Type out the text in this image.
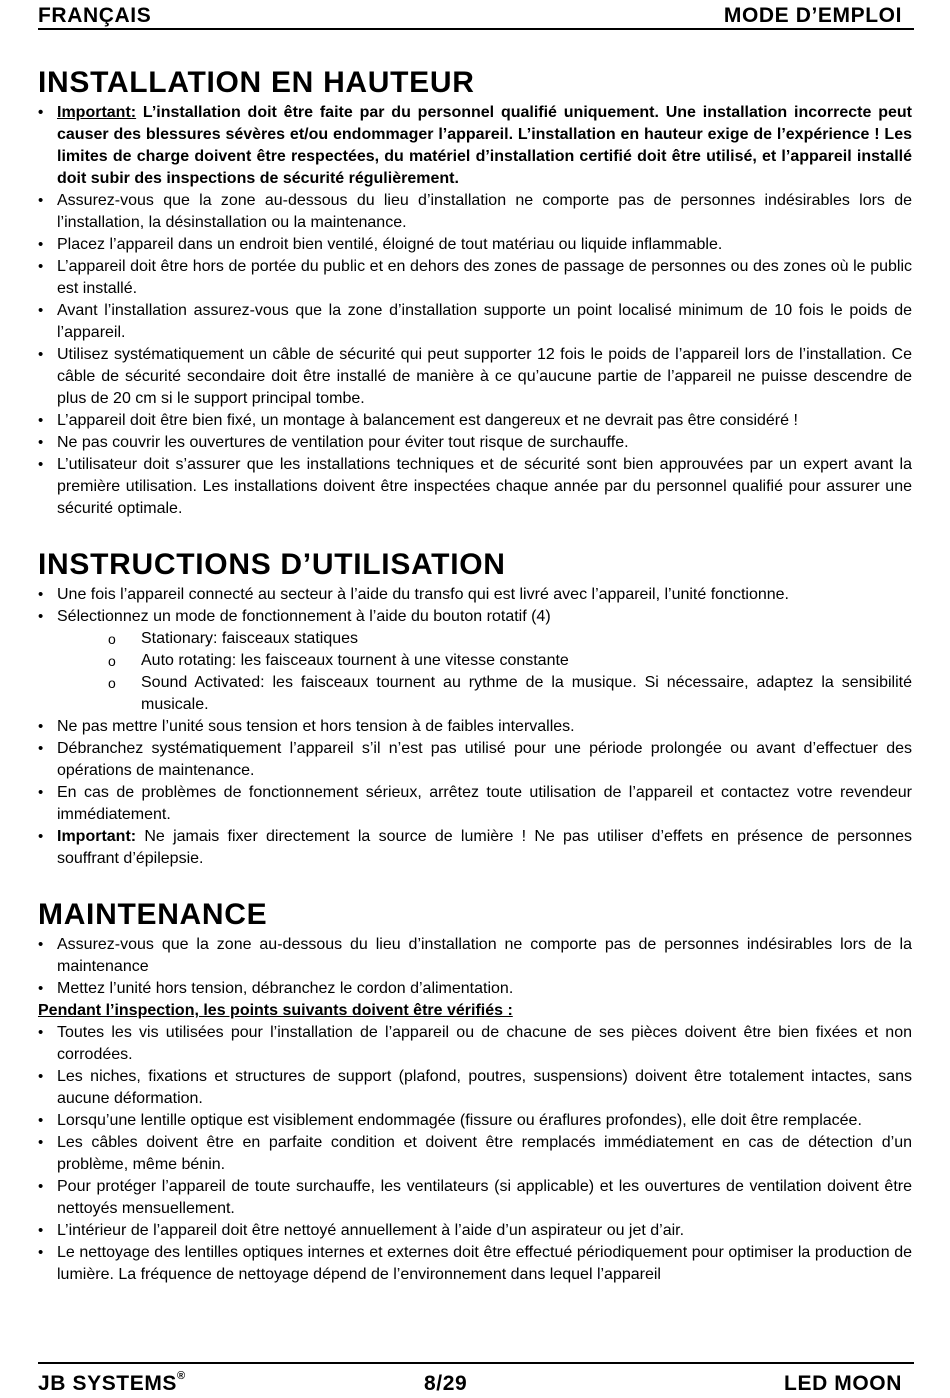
FRANÇAIS	MODE D’EMPLOI
INSTALLATION EN HAUTEUR
• Important: L’installation doit être faite par du personnel qualifié uniquement. Une installation incorrecte peut causer des blessures sévères et/ou endommager l’appareil. L’installation en hauteur exige de l’expérience ! Les limites de charge doivent être respectées, du matériel d’installation certifié doit être utilisé, et l’appareil installé doit subir des inspections de sécurité régulièrement.
• Assurez-vous que la zone au-dessous du lieu d’installation ne comporte pas de personnes indésirables lors de l’installation, la désinstallation ou la maintenance.
• Placez l’appareil dans un endroit bien ventilé, éloigné de tout matériau ou liquide inflammable.
• L’appareil doit être hors de portée du public et en dehors des zones de passage de personnes ou des zones où le public est installé.
• Avant l’installation assurez-vous que la zone d’installation supporte un point localisé minimum de 10 fois le poids de l’appareil.
• Utilisez systématiquement un câble de sécurité qui peut supporter 12 fois le poids de l’appareil lors de l’installation. Ce câble de sécurité secondaire doit être installé de manière à ce qu’aucune partie de l’appareil ne puisse descendre de plus de 20 cm si le support principal tombe.
• L’appareil doit être bien fixé, un montage à balancement est dangereux et ne devrait pas être considéré !
• Ne pas couvrir les ouvertures de ventilation pour éviter tout risque de surchauffe.
• L’utilisateur doit s’assurer que les installations techniques et de sécurité sont bien approuvées par un expert avant la première utilisation. Les installations doivent être inspectées chaque année par du personnel qualifié pour assurer une sécurité optimale.
INSTRUCTIONS D’UTILISATION
• Une fois l’appareil connecté au secteur à l’aide du transfo qui est livré avec l’appareil, l’unité fonctionne.
• Sélectionnez un mode de fonctionnement à l’aide du bouton rotatif (4)
o Stationary: faisceaux statiques
o Auto rotating: les faisceaux tournent à une vitesse constante
o Sound Activated: les faisceaux tournent au rythme de la musique. Si nécessaire, adaptez la sensibilité musicale.
• Ne pas mettre l’unité sous tension et hors tension à de faibles intervalles.
• Débranchez systématiquement l’appareil s’il n’est pas utilisé pour une période prolongée ou avant d’effectuer des opérations de maintenance.
• En cas de problèmes de fonctionnement sérieux, arrêtez toute utilisation de l’appareil et contactez votre revendeur immédiatement.
• Important: Ne jamais fixer directement la source de lumière ! Ne pas utiliser d’effets en présence de personnes souffrant d’épilepsie.
MAINTENANCE
• Assurez-vous que la zone au-dessous du lieu d’installation ne comporte pas de personnes indésirables lors de la maintenance
• Mettez l’unité hors tension, débranchez le cordon d’alimentation.
Pendant l’inspection, les points suivants doivent être vérifiés :
• Toutes les vis utilisées pour l’installation de l’appareil ou de chacune de ses pièces doivent être bien fixées et non corrodées.
• Les niches, fixations et structures de support (plafond, poutres, suspensions) doivent être totalement intactes, sans aucune déformation.
• Lorsqu’une lentille optique est visiblement endommagée (fissure ou éraflures profondes), elle doit être remplacée.
• Les câbles doivent être en parfaite condition et doivent être remplacés immédiatement en cas de détection d’un problème, même bénin.
• Pour protéger l’appareil de toute surchauffe, les ventilateurs (si applicable) et les ouvertures de ventilation doivent être nettoyés mensuellement.
• L’intérieur de l’appareil doit être nettoyé annuellement à l’aide d’un aspirateur ou jet d’air.
• Le nettoyage des lentilles optiques internes et externes doit être effectué périodiquement pour optimiser la production de lumière. La fréquence de nettoyage dépend de l’environnement dans lequel l’appareil
JB SYSTEMS®	8/29	LED MOON
